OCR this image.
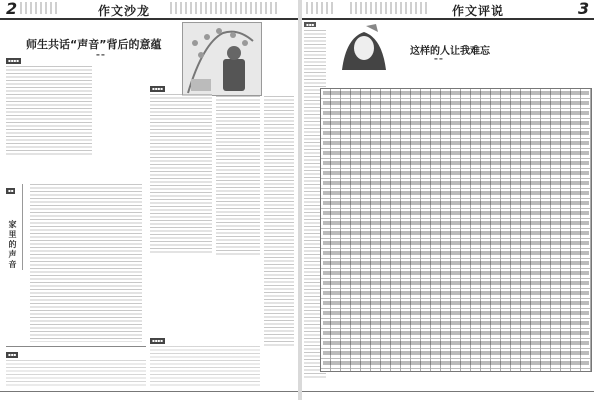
2	作文沙龙
师生共话“声音”背后的意蕴
▬ ▬
▪▪▪▪
▪▪▪▪
▪▪
家里的声音
▪▪▪
▪▪▪▪
作文评说	3
▪▪▪
这样的人让我难忘
▬ ▬
